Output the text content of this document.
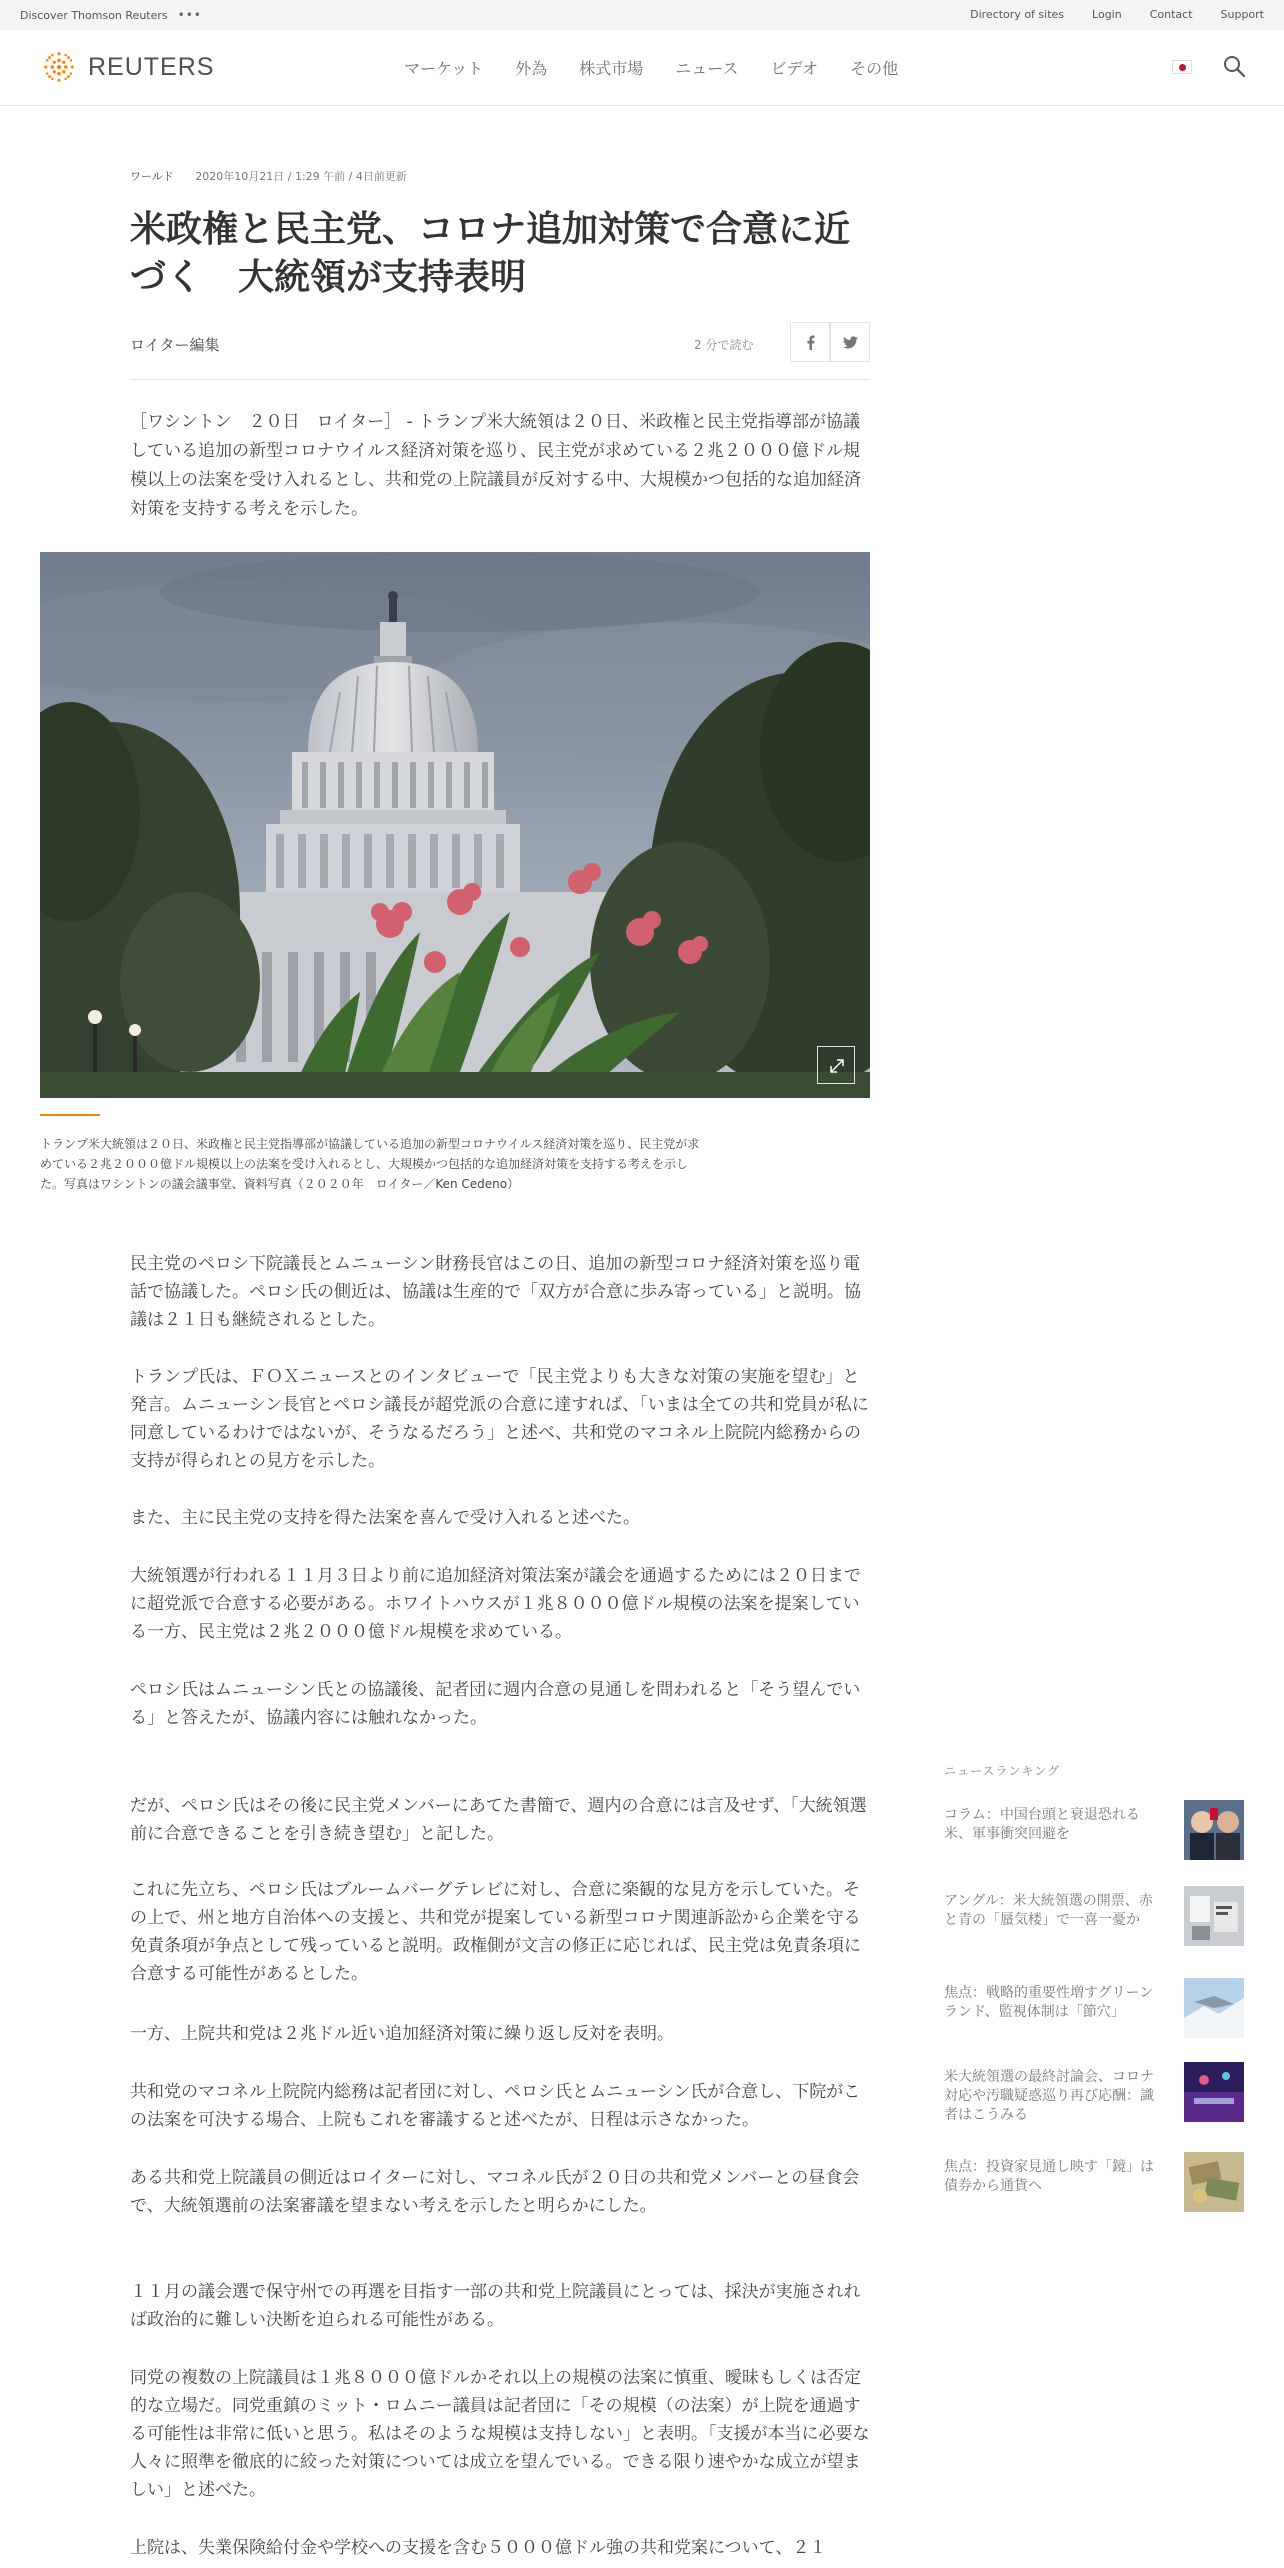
Discover Thomson Reuters •••	Directory of sites	Login	Contact	Support
REUTERS	マーケット 外為 株式市場 ニュース ビデオ その他
ワールド 2020年10月21日 / 1:29 午前 / 4日前更新
米政権と民主党、コロナ追加対策で合意に近づく　大統領が支持表明
ロイター編集	2 分で読む

［ワシントン　２０日　ロイター］ - トランプ米大統領は２０日、米政権と民主党指導部が協議している追加の新型コロナウイルス経済対策を巡り、民主党が求めている２兆２０００億ドル規模以上の法案を受け入れるとし、共和党の上院議員が反対する中、大規模かつ包括的な追加経済対策を支持する考えを示した。

トランプ米大統領は２０日、米政権と民主党指導部が協議している追加の新型コロナウイルス経済対策を巡り、民主党が求めている２兆２０００億ドル規模以上の法案を受け入れるとし、大規模かつ包括的な追加経済対策を支持する考えを示した。写真はワシントンの議会議事堂、資料写真（２０２０年　ロイター／Ken Cedeno）

民主党のペロシ下院議長とムニューシン財務長官はこの日、追加の新型コロナ経済対策を巡り電話で協議した。ペロシ氏の側近は、協議は生産的で「双方が合意に歩み寄っている」と説明。協議は２１日も継続されるとした。

トランプ氏は、ＦＯＸニュースとのインタビューで「民主党よりも大きな対策の実施を望む」と発言。ムニューシン長官とペロシ議長が超党派の合意に達すれば、「いまは全ての共和党員が私に同意しているわけではないが、そうなるだろう」と述べ、共和党のマコネル上院院内総務からの支持が得られとの見方を示した。

また、主に民主党の支持を得た法案を喜んで受け入れると述べた。

大統領選が行われる１１月３日より前に追加経済対策法案が議会を通過するためには２０日までに超党派で合意する必要がある。ホワイトハウスが１兆８０００億ドル規模の法案を提案している一方、民主党は２兆２０００億ドル規模を求めている。

ペロシ氏はムニューシン氏との協議後、記者団に週内合意の見通しを問われると「そう望んでいる」と答えたが、協議内容には触れなかった。

だが、ペロシ氏はその後に民主党メンバーにあてた書簡で、週内の合意には言及せず、「大統領選前に合意できることを引き続き望む」と記した。

これに先立ち、ペロシ氏はブルームバーグテレビに対し、合意に楽観的な見方を示していた。その上で、州と地方自治体への支援と、共和党が提案している新型コロナ関連訴訟から企業を守る免責条項が争点として残っていると説明。政権側が文言の修正に応じれば、民主党は免責条項に合意する可能性があるとした。

一方、上院共和党は２兆ドル近い追加経済対策に繰り返し反対を表明。

共和党のマコネル上院院内総務は記者団に対し、ペロシ氏とムニューシン氏が合意し、下院がこの法案を可決する場合、上院もこれを審議すると述べたが、日程は示さなかった。

ある共和党上院議員の側近はロイターに対し、マコネル氏が２０日の共和党メンバーとの昼食会で、大統領選前の法案審議を望まない考えを示したと明らかにした。

１１月の議会選で保守州での再選を目指す一部の共和党上院議員にとっては、採決が実施されれば政治的に難しい決断を迫られる可能性がある。

同党の複数の上院議員は１兆８０００億ドルかそれ以上の規模の法案に慎重、曖昧もしくは否定的な立場だ。同党重鎮のミット・ロムニー議員は記者団に「その規模（の法案）が上院を通過する可能性は非常に低いと思う。私はそのような規模は支持しない」と表明。「支援が本当に必要な人々に照準を徹底的に絞った対策については成立を望んでいる。できる限り速やかな成立が望ましい」と述べた。

上院は、失業保険給付金や学校への支援を含む５０００億ドル強の共和党案について、２１

ニュースランキング
コラム：中国台頭と衰退恐れる米、軍事衝突回避を
アングル：米大統領選の開票、赤と青の「蜃気楼」で一喜一憂か
焦点：戦略的重要性増すグリーンランド、監視体制は「節穴」
米大統領選の最終討論会、コロナ対応や汚職疑惑巡り再び応酬：識者はこうみる
焦点：投資家見通し映す「鏡」は債券から通貨へ
